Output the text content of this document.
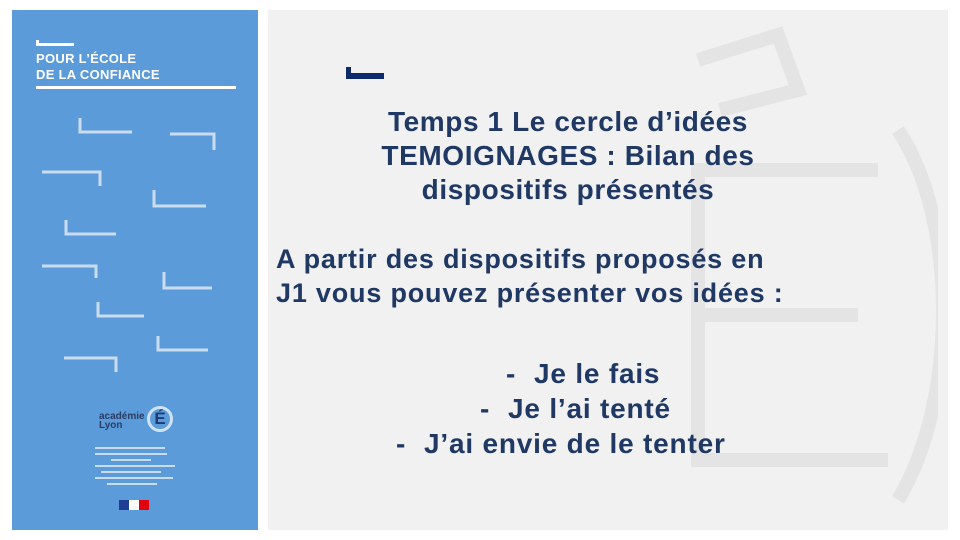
POUR L’ÉCOLE
DE LA CONFIANCE
académie
Lyon	É
Temps 1 Le cercle d’idées
TEMOIGNAGES : Bilan des
dispositifs présentés
A partir des dispositifs proposés en
J1 vous pouvez présenter vos idées :
- Je le fais
- Je l’ai tenté
- J’ai envie de le tenter
